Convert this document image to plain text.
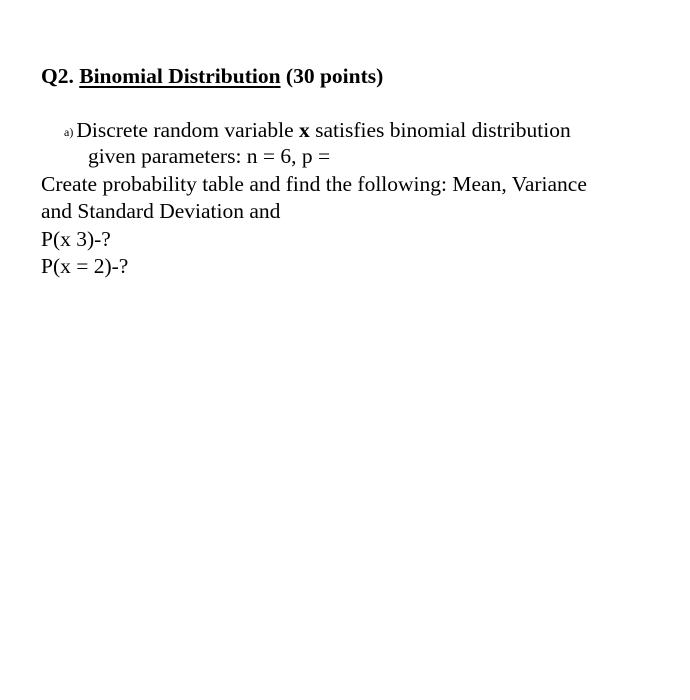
Q2. Binomial Distribution (30 points)
a) Discrete random variable x satisfies binomial distribution
given parameters: n = 6, p =
Create probability table and find the following: Mean, Variance
and Standard Deviation and
P(x 3)-?
P(x = 2)-?
